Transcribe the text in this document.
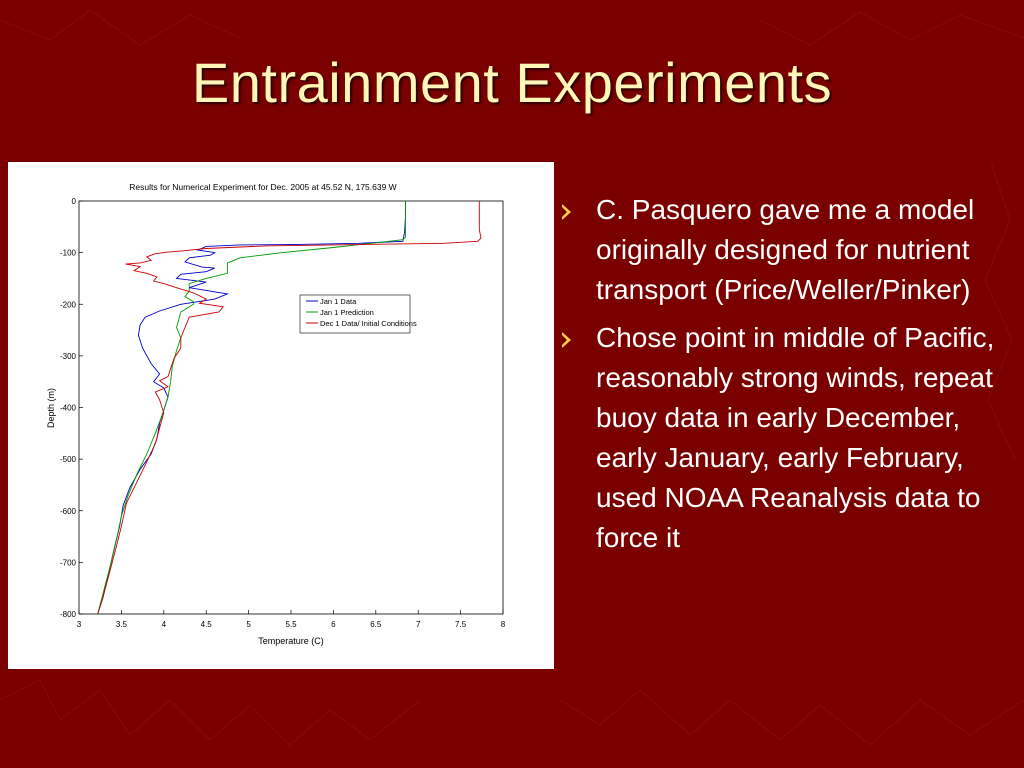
Entrainment Experiments
Results for Numerical Experiment for Dec. 2005 at 45.52 N, 175.639 W
3	3.5	4	4.5	5	5.5	6	6.5	7	7.5	8
0
-100
-200
-300
-400
-500
-600
-700
-800
Temperature (C)
Depth (m)
Jan 1 Data
Jan 1 Prediction
Dec 1 Data/ Initial Conditions
C. Pasquero gave me a model originally designed for nutrient transport (Price/Weller/Pinker)
Chose point in middle of Pacific, reasonably strong winds, repeat buoy data in early December, early January, early February, used NOAA Reanalysis data to force it
